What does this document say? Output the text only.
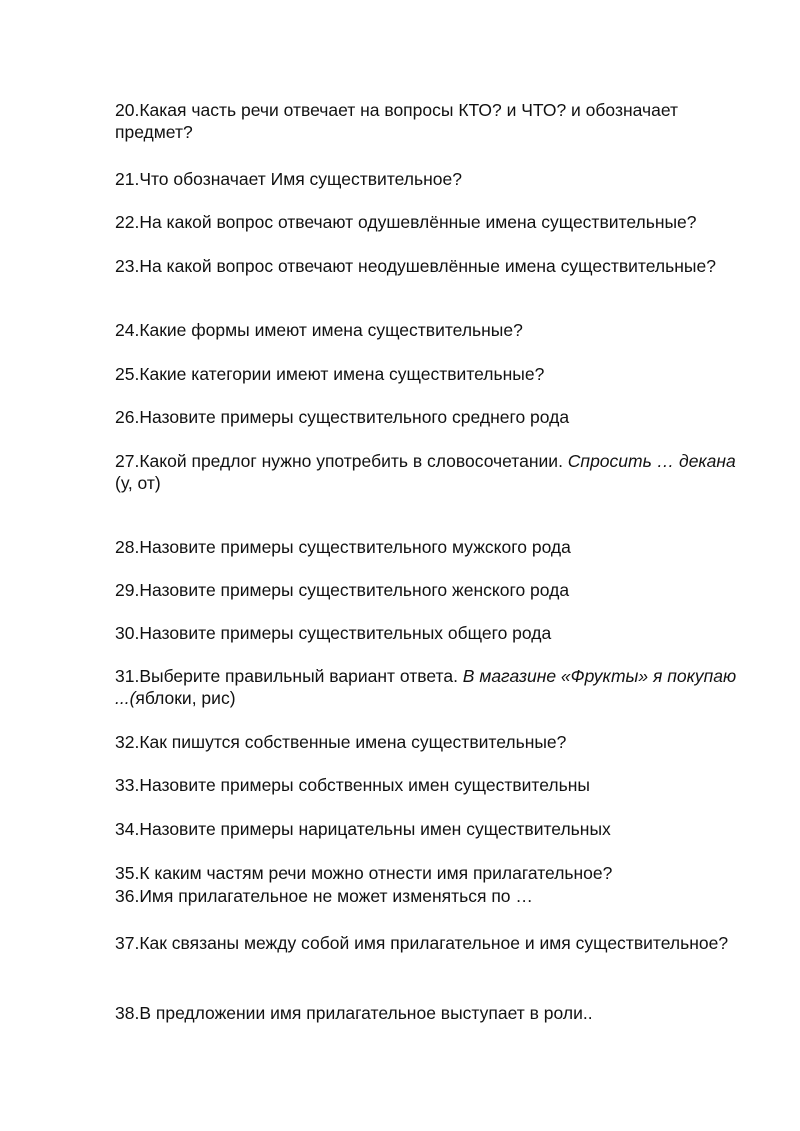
20.Какая часть речи отвечает на вопросы КТО? и ЧТО? и обозначает предмет?
21.Что обозначает Имя существительное?
22.На какой вопрос отвечают одушевлённые имена существительные?
23.На какой вопрос отвечают неодушевлённые имена существительные?
24.Какие формы имеют имена существительные?
25.Какие категории имеют имена существительные?
26.Назовите примеры существительного среднего рода
27.Какой предлог нужно употребить в словосочетании. Спросить … декана (у, от)
28.Назовите примеры существительного мужского рода
29.Назовите примеры существительного женского рода
30.Назовите примеры существительных общего рода
31.Выберите правильный вариант ответа. В магазине «Фрукты» я покупаю ...(яблоки, рис)
32.Как пишутся собственные имена существительные?
33.Назовите примеры собственных имен существительны
34.Назовите примеры нарицательны имен существительных
35.К каким частям речи можно отнести имя прилагательное?
36.Имя прилагательное не может изменяться по …
37.Как связаны между собой имя прилагательное и имя существительное?
38.В предложении имя прилагательное выступает в роли..
